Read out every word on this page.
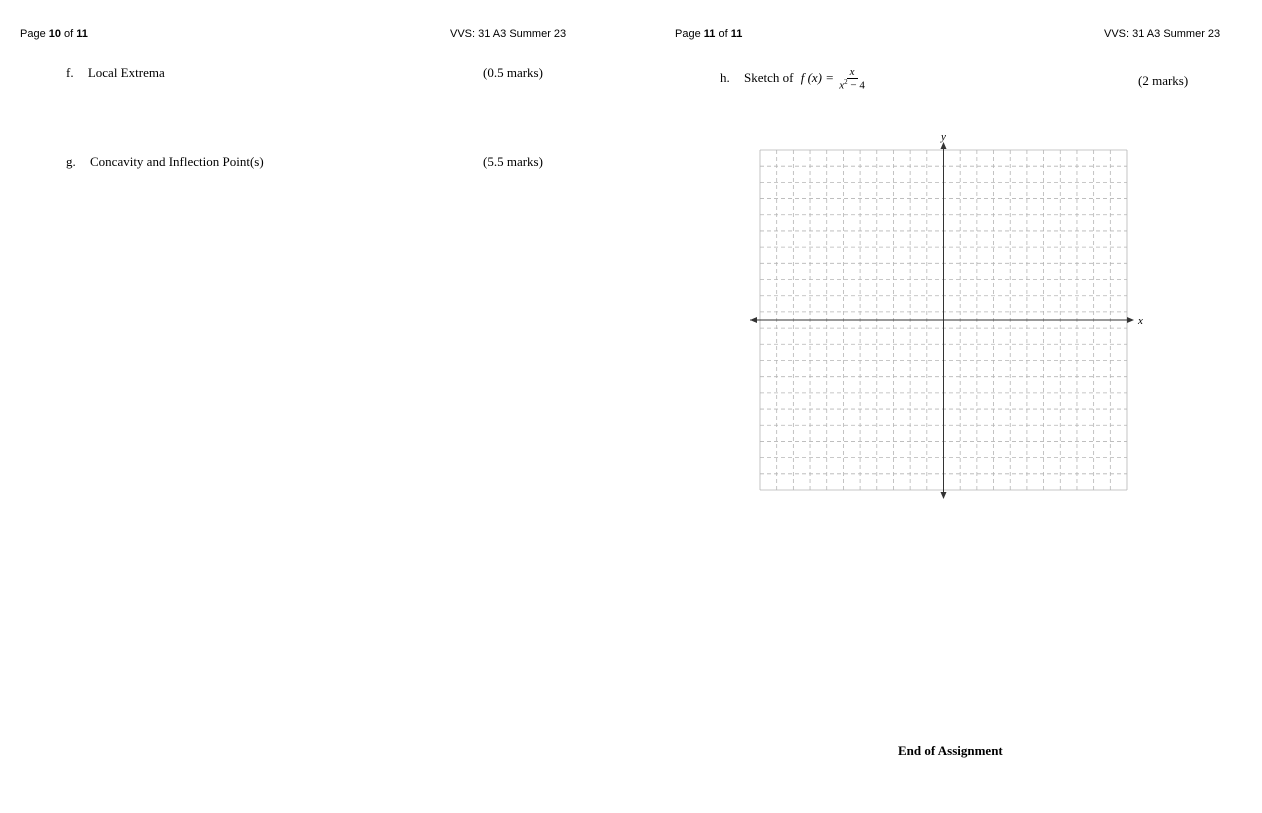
Page 10 of 11	VVS: 31 A3 Summer 23
f. Local Extrema	(0.5 marks)
g. Concavity and Inflection Point(s)	(5.5 marks)
Page 11 of 11	VVS: 31 A3 Summer 23
h. Sketch of f $(x) = \frac{x}{x^2 - 4}$	(2 marks)
x
y
End of Assignment
